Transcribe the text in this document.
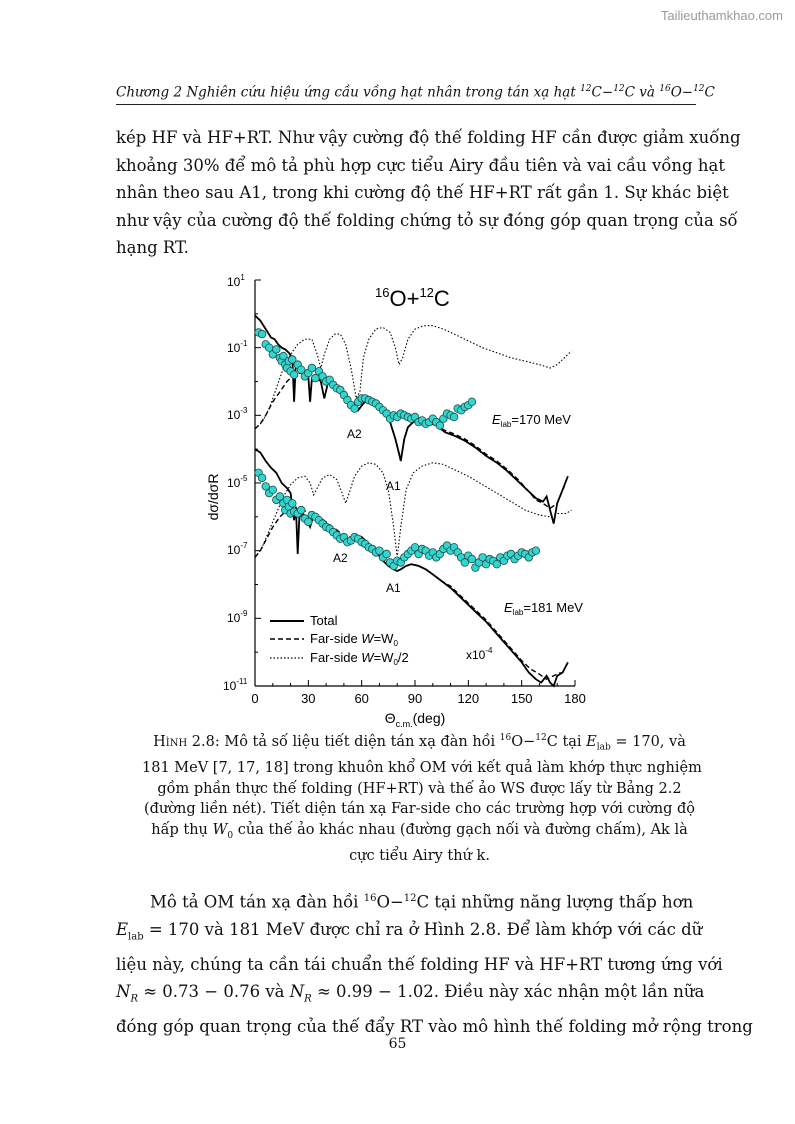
Tailieuthamkhao.com
Chương 2 Nghiên cứu hiệu ứng cầu vồng hạt nhân trong tán xạ hạt $^{12}$C−$^{12}$C và $^{16}$O−$^{12}$C
kép HF và HF+RT. Như vậy cường độ thế folding HF cần được giảm xuống
khoảng 30% để mô tả phù hợp cực tiểu Airy đầu tiên và vai cầu vồng hạt
nhân theo sau A1, trong khi cường độ thế HF+RT rất gần 1. Sự khác biệt
như vậy của cường độ thế folding chứng tỏ sự đóng góp quan trọng của số
hạng RT.
0	30	60	90	120 150 180
$10^1$
$10^{-1}$
$10^{-3}$
$10^{-5}$
$10^{-7}$
$10^{-9}$
$10^{-11}$
$^{16}$O+$^{12}$C
dσ/dσR
$\Theta_{c.m.}(deg)$
A2
A1
A2
A1
$E_{lab}=170$ MeV
$E_{lab}=181$ MeV
$x10^{-4}$
Total
Far-side $W=W_0$
Far-side $W=W_0/2$
Hình 2.8: Mô tả số liệu tiết diện tán xạ đàn hồi $^{16}$O−$^{12}$C tại $E_{lab} = 170$, và
181 MeV [7, 17, 18] trong khuôn khổ OM với kết quả làm khớp thực nghiệm
gồm phần thực thế folding (HF+RT) và thế ảo WS được lấy từ Bảng 2.2
(đường liền nét). Tiết diện tán xạ Far-side cho các trường hợp với cường độ
hấp thụ $W_0$ của thế ảo khác nhau (đường gạch nối và đường chấm), Ak là
cực tiểu Airy thứ k.
Mô tả OM tán xạ đàn hồi $^{16}$O−$^{12}$C tại những năng lượng thấp hơn
$E_{lab} = 170$ và 181 MeV được chỉ ra ở Hình 2.8. Để làm khớp với các dữ
liệu này, chúng ta cần tái chuẩn thế folding HF và HF+RT tương ứng với
$N_R \approx 0.73 - 0.76$ và $N_R \approx 0.99 - 1.02$. Điều này xác nhận một lần nữa
đóng góp quan trọng của thế đẩy RT vào mô hình thế folding mở rộng trong
65
